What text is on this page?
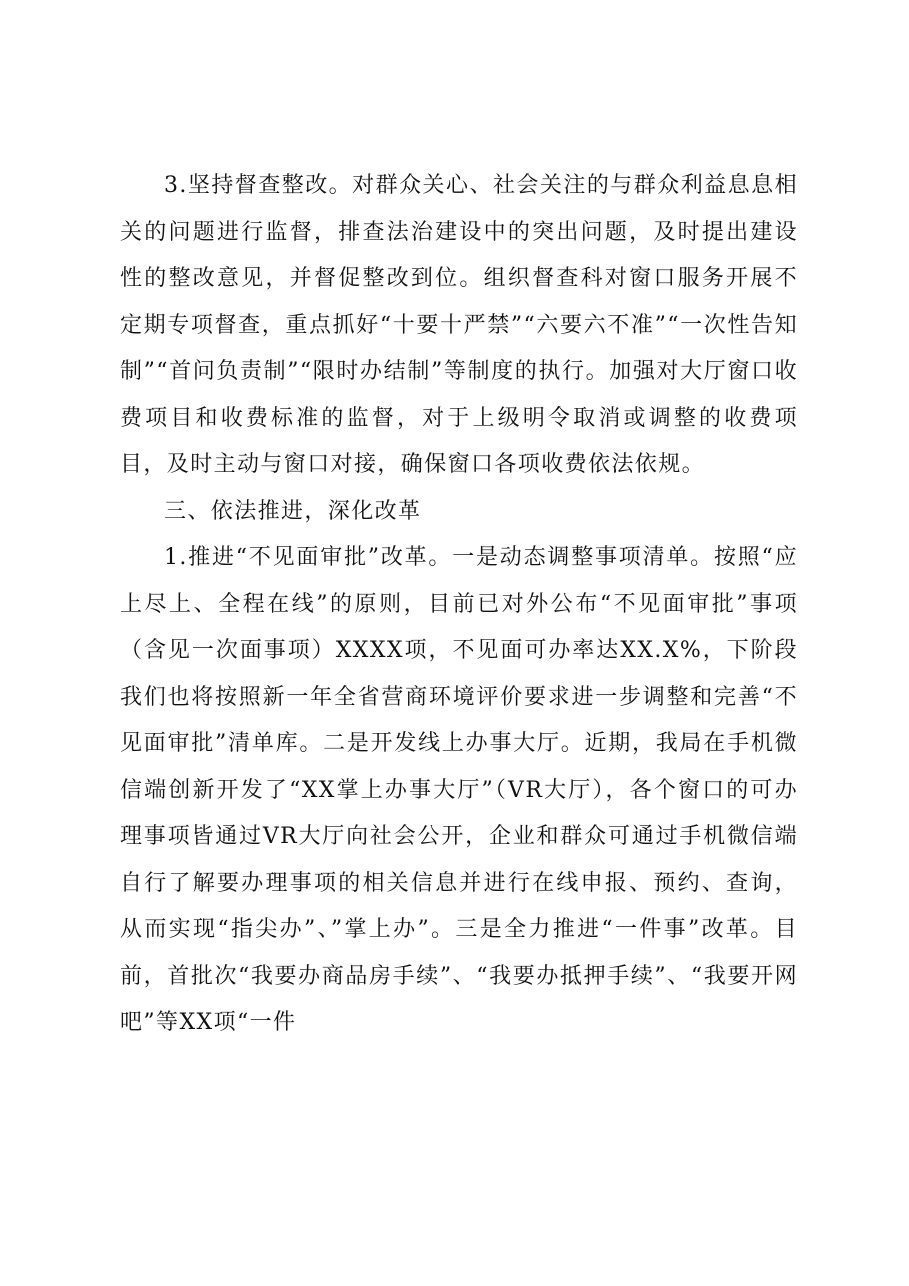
3.坚持督查整改。对群众关心、社会关注的与群众利益息息相关的问题进行监督，排查法治建设中的突出问题，及时提出建设性的整改意见，并督促整改到位。组织督查科对窗口服务开展不定期专项督查，重点抓好“十要十严禁”“六要六不准”“一次性告知制”“首问负责制”“限时办结制”等制度的执行。加强对大厅窗口收费项目和收费标准的监督，对于上级明令取消或调整的收费项目，及时主动与窗口对接，确保窗口各项收费依法依规。

三、依法推进，深化改革

1.推进“不见面审批”改革。一是动态调整事项清单。按照“应上尽上、全程在线”的原则，目前已对外公布“不见面审批”事项（含见一次面事项）XXXX项，不见面可办率达XX.X%，下阶段我们也将按照新一年全省营商环境评价要求进一步调整和完善“不见面审批”清单库。二是开发线上办事大厅。近期，我局在手机微信端创新开发了“XX掌上办事大厅”（VR大厅），各个窗口的可办理事项皆通过VR大厅向社会公开，企业和群众可通过手机微信端自行了解要办理事项的相关信息并进行在线申报、预约、查询，从而实现“指尖办”、”掌上办”。三是全力推进“一件事”改革。目前，首批次“我要办商品房手续”、“我要办抵押手续”、“我要开网吧”等XX项“一件
